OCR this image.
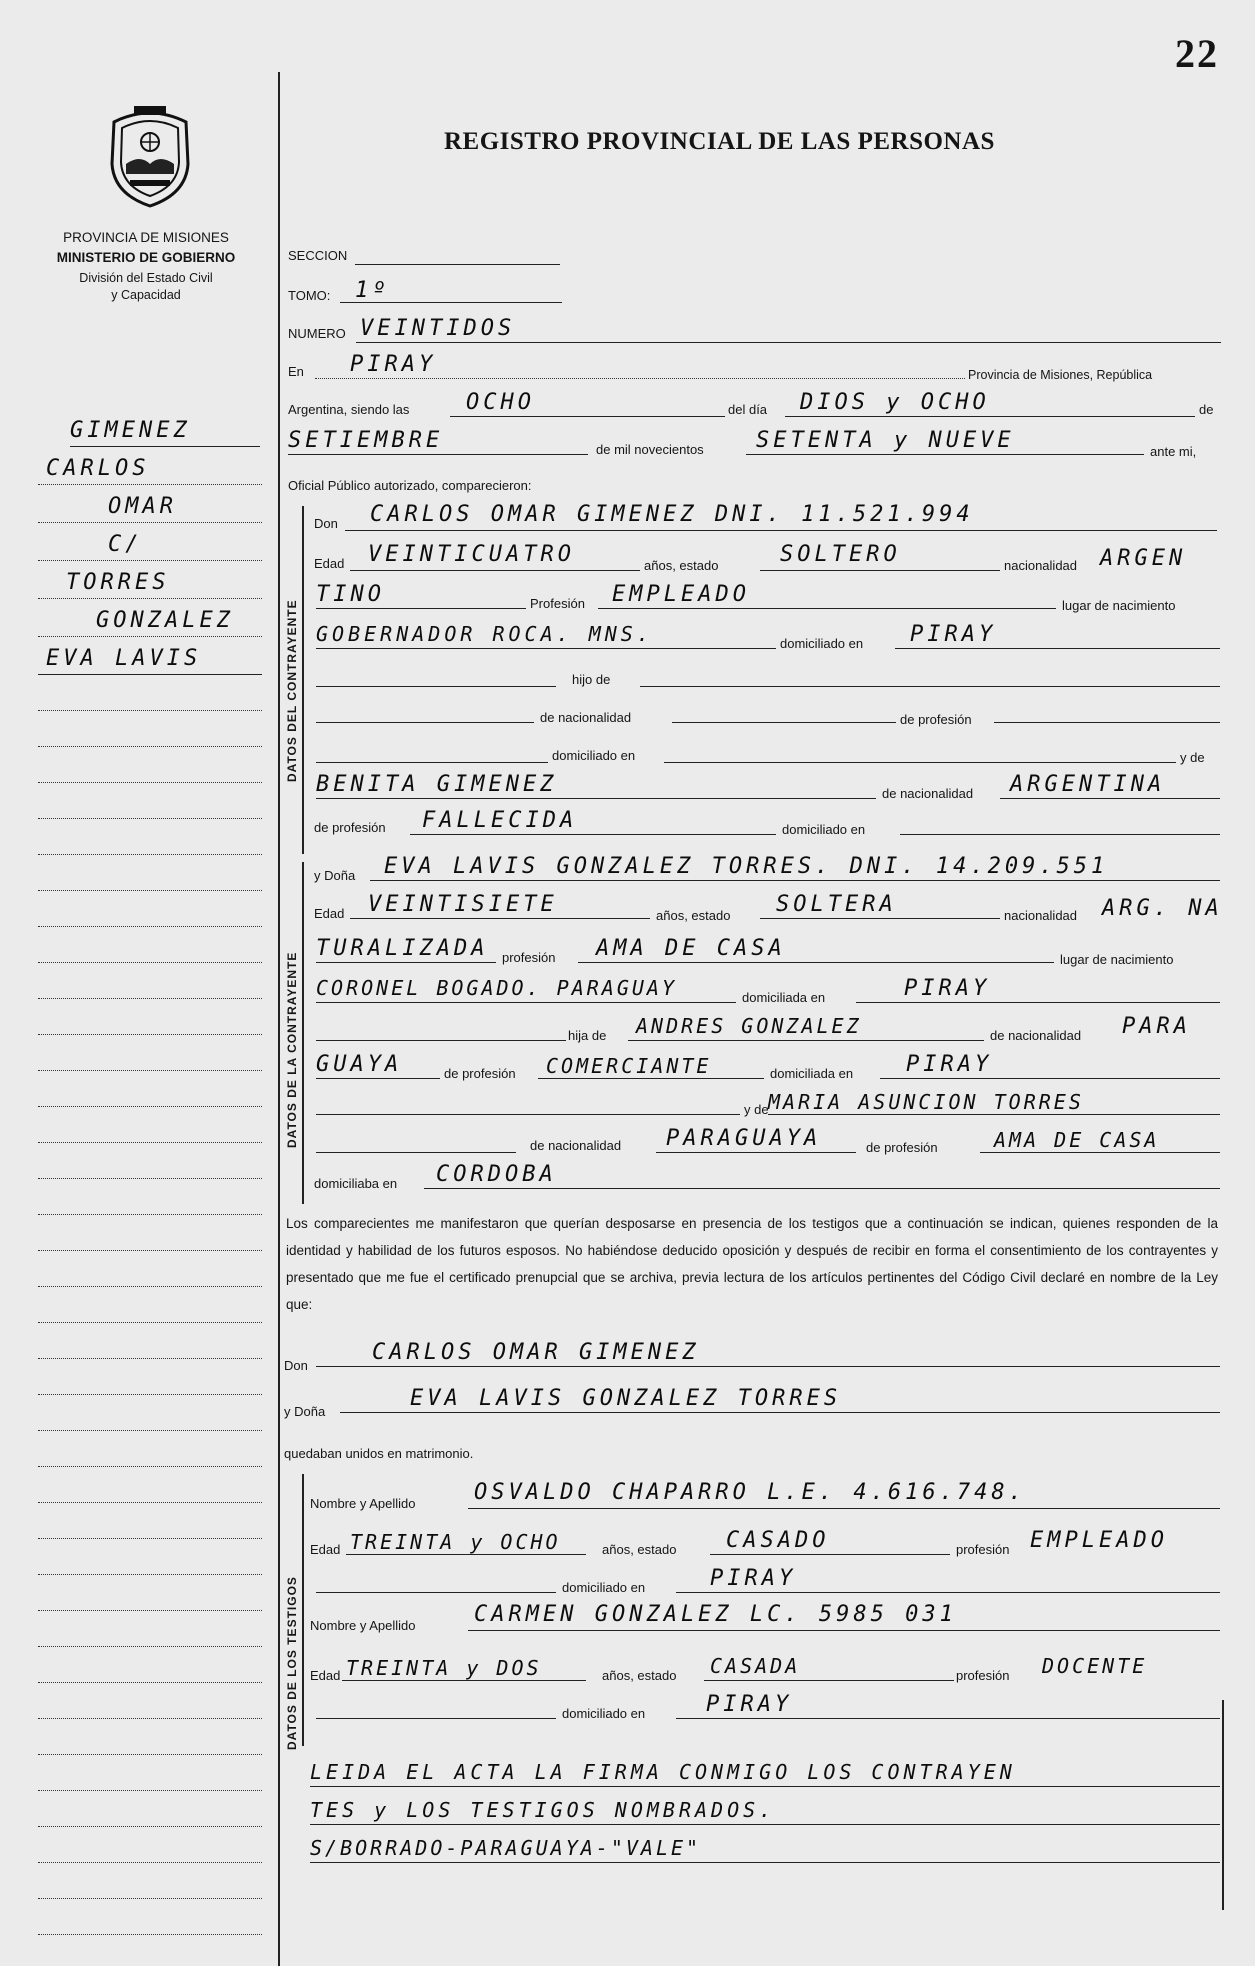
22
PROVINCIA DE MISIONES
MINISTERIO DE GOBIERNO
División del Estado Civil
y Capacidad
REGISTRO PROVINCIAL DE LAS PERSONAS
GIMENEZ
CARLOS
OMAR
C/
TORRES
GONZALEZ
EVA LAVIS
SECCION
TOMO: 1º
NUMERO VEINTIDOS
En PIRAY	Provincia de Misiones, República
Argentina, siendo las	OCHO	del día DIOS y OCHO	de
SETIEMBRE	de mil novecientos SETENTA y NUEVE	ante mi,
Oficial Público autorizado, comparecieron:
DATOS DEL CONTRAYENTE
Don CARLOS OMAR GIMENEZ DNI. 11.521.994
Edad VEINTICUATRO	años, estado	SOLTERO	nacionalidad ARGEN
TINO	Profesión EMPLEADO	lugar de nacimiento
GOBERNADOR ROCA. MNS.	domiciliado en PIRAY
hijo de
de nacionalidad	de profesión
domiciliado en	y de
BENITA GIMENEZ	de nacionalidad ARGENTINA
de profesión FALLECIDA	domiciliado en
DATOS DE LA CONTRAYENTE
y Doña EVA LAVIS GONZALEZ TORRES. DNI. 14.209.551
Edad VEINTISIETE	años, estado SOLTERA	nacionalidad ARG. NA
TURALIZADA profesión AMA DE CASA	lugar de nacimiento
CORONEL BOGADO. PARAGUAY	domiciliada en	PIRAY
hija de ANDRES GONZALEZ	de nacionalidad PARA
GUAYA	de profesión COMERCIANTE	domiciliada en PIRAY
y de MARIA ASUNCION TORRES
de nacionalidad PARAGUAYA	de profesión	AMA DE CASA
domiciliaba en CORDOBA
Los comparecientes me manifestaron que querían desposarse en presencia de los testigos que a continuación se indican, quienes responden de la identidad y habilidad de los futuros esposos. No habiéndose deducido oposición y después de recibir en forma el consentimiento de los contrayentes y presentado que me fue el certificado prenupcial que se archiva, previa lectura de los artículos pertinentes del Código Civil declaré en nombre de la Ley que:
Don
CARLOS OMAR GIMENEZ
y Doña
EVA LAVIS GONZALEZ TORRES
quedaban unidos en matrimonio.
DATOS DE LOS TESTIGOS
Nombre y Apellido	OSVALDO CHAPARRO L.E. 4.616.748.
Edad TREINTA y OCHO	años, estado CASADO	profesión EMPLEADO
domiciliado en	PIRAY
Nombre y Apellido	CARMEN GONZALEZ LC. 5985 031
Edad TREINTA y DOS	años, estado CASADA	profesión DOCENTE
domiciliado en	PIRAY
LEIDA EL ACTA LA FIRMA CONMIGO LOS CONTRAYEN
TES y LOS TESTIGOS NOMBRADOS.
S/BORRADO-PARAGUAYA-"VALE"
